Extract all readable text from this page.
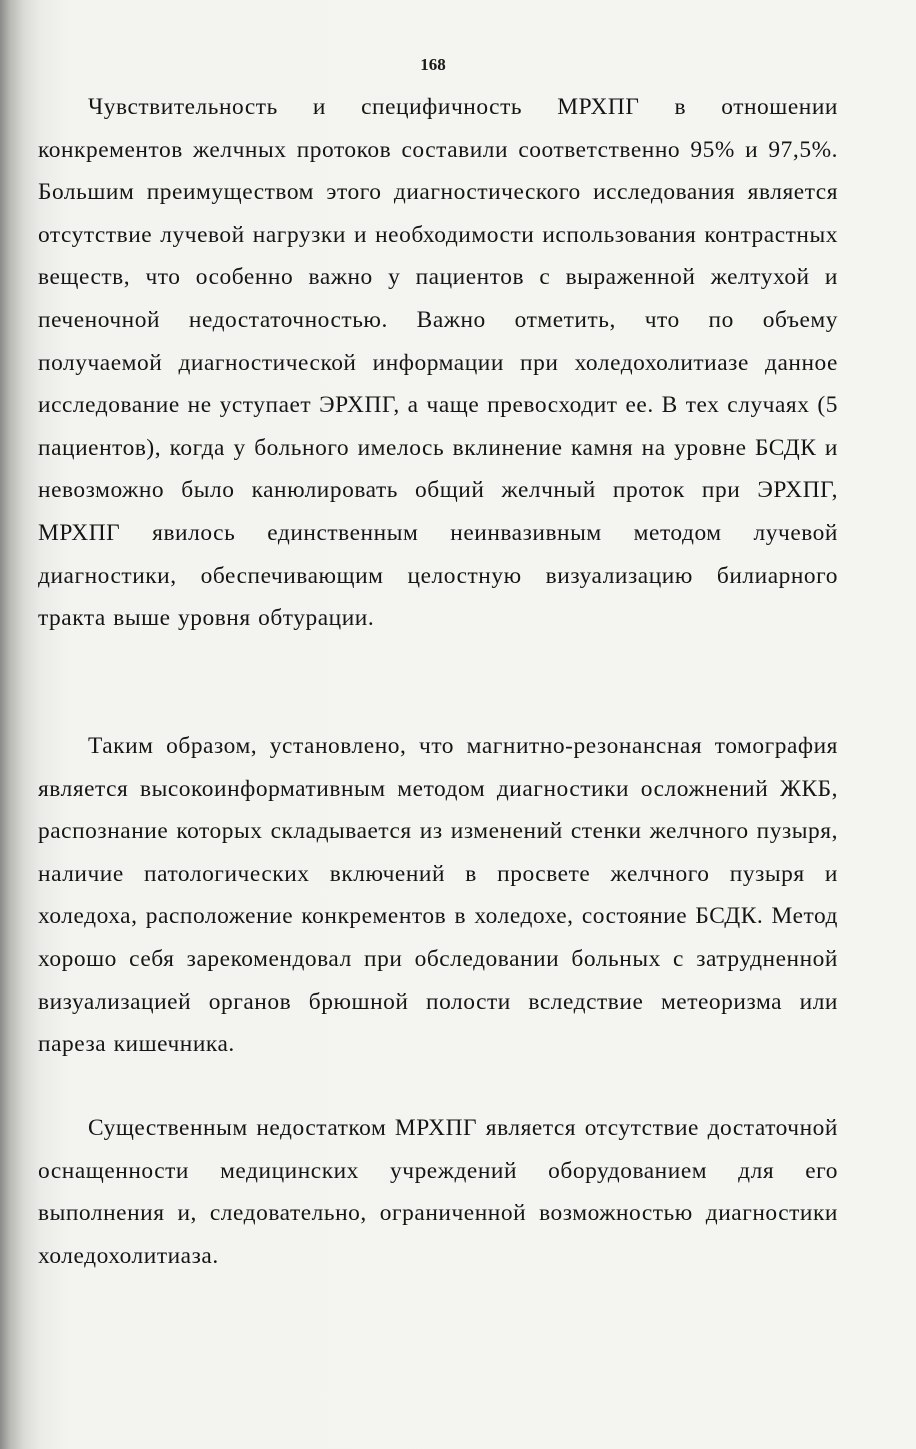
168

Чувствительность и специфичность МРХПГ в отношении конкрементов желчных протоков составили соответственно 95% и 97,5%. Большим преимуществом этого диагностического исследования является отсутствие лучевой нагрузки и необходимости использования контрастных веществ, что особенно важно у пациентов с выраженной желтухой и печеночной недостаточностью. Важно отметить, что по объему получаемой диагностической информации при холедохолитиазе данное исследование не уступает ЭРХПГ, а чаще превосходит ее. В тех случаях (5 пациентов), когда у больного имелось вклинение камня на уровне БСДК и невозможно было канюлировать общий желчный проток при ЭРХПГ, МРХПГ явилось единственным неинвазивным методом лучевой диагностики, обеспечивающим целостную визуализацию билиарного тракта выше уровня обтурации.

Таким образом, установлено, что магнитно-резонансная томография является высокоинформативным методом диагностики осложнений ЖКБ, распознание которых складывается из изменений стенки желчного пузыря, наличие патологических включений в просвете желчного пузыря и холедоха, расположение конкрементов в холедохе, состояние БСДК. Метод хорошо себя зарекомендовал при обследовании больных с затрудненной визуализацией органов брюшной полости вследствие метеоризма или пареза кишечника.

Существенным недостатком МРХПГ является отсутствие достаточной оснащенности медицинских учреждений оборудованием для его выполнения и, следовательно, ограниченной возможностью диагностики холедохолитиаза.
